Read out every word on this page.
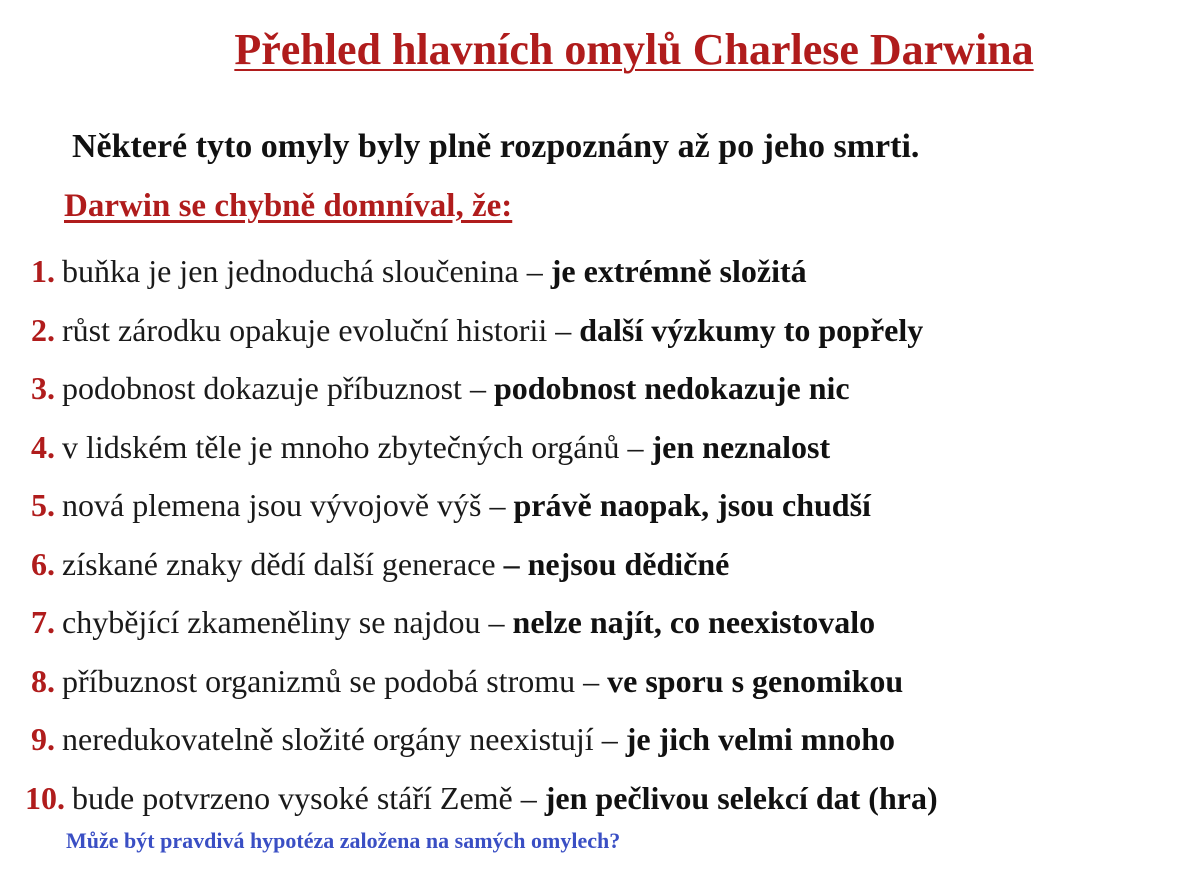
Přehled hlavních omylů Charlese Darwina
Některé tyto omyly byly plně rozpoznány až po jeho smrti.
Darwin se chybně domníval, že:
1. buňka je jen jednoduchá sloučenina – je extrémně složitá
2. růst zárodku opakuje evoluční historii – další výzkumy to popřely
3. podobnost dokazuje příbuznost – podobnost nedokazuje nic
4. v lidském těle je mnoho zbytečných orgánů – jen neznalost
5. nová plemena jsou vývojově výš – právě naopak, jsou chudší
6. získané znaky dědí další generace – nejsou dědičné
7. chybějící zkameněliny se najdou – nelze najít, co neexistovalo
8. příbuznost organizmů se podobá stromu – ve sporu s genomikou
9. neredukovatelně složité orgány neexistují – je jich velmi mnoho
10. bude potvrzeno vysoké stáří Země – jen pečlivou selekcí dat (hra)
Může být pravdivá hypotéza založena na samých omylech?
